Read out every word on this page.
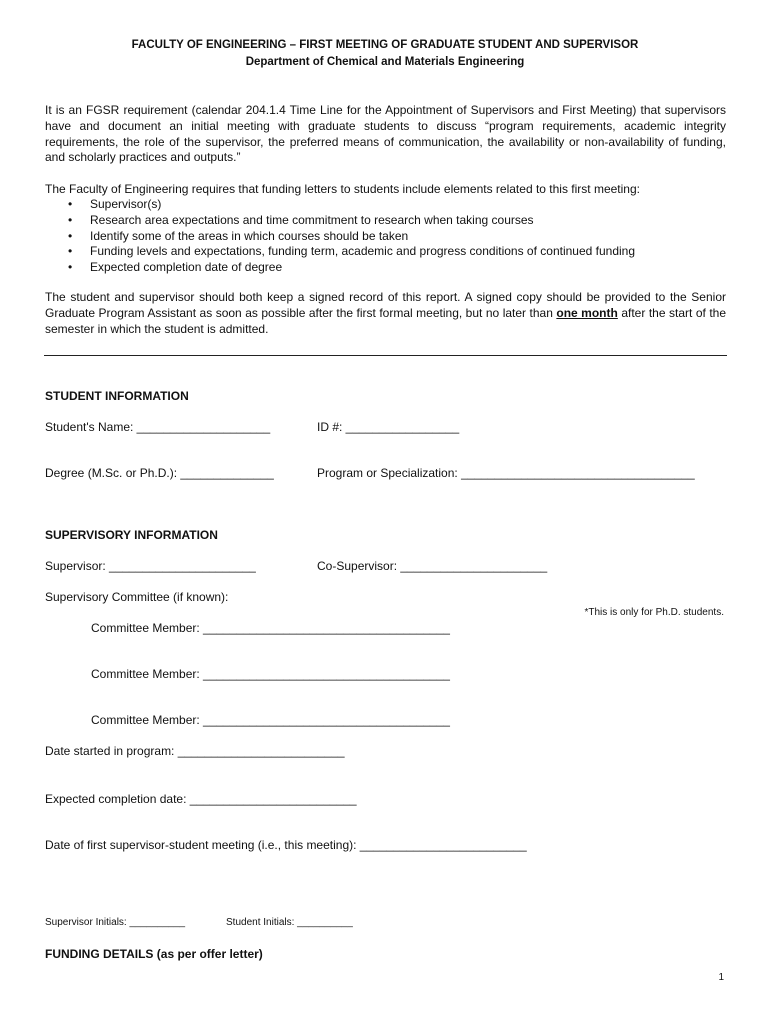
FACULTY OF ENGINEERING – FIRST MEETING OF GRADUATE STUDENT AND SUPERVISOR
Department of Chemical and Materials Engineering
It is an FGSR requirement (calendar 204.1.4 Time Line for the Appointment of Supervisors and First Meeting) that supervisors have and document an initial meeting with graduate students to discuss “program requirements, academic integrity requirements, the role of the supervisor, the preferred means of communication, the availability or non-availability of funding, and scholarly practices and outputs.”
The Faculty of Engineering requires that funding letters to students include elements related to this first meeting:
• Supervisor(s)
• Research area expectations and time commitment to research when taking courses
• Identify some of the areas in which courses should be taken
• Funding levels and expectations, funding term, academic and progress conditions of continued funding
• Expected completion date of degree
The student and supervisor should both keep a signed record of this report. A signed copy should be provided to the Senior Graduate Program Assistant as soon as possible after the first formal meeting, but no later than one month after the start of the semester in which the student is admitted.
STUDENT INFORMATION
Student's Name: ____________________	ID #: _________________
Degree (M.Sc. or Ph.D.): ______________	Program or Specialization: ___________________________________
SUPERVISORY INFORMATION
Supervisor: ______________________	Co-Supervisor: ______________________
Supervisory Committee (if known):
*This is only for Ph.D. students.
Committee Member: _____________________________________
Committee Member: _____________________________________
Committee Member: _____________________________________
Date started in program: _________________________
Expected completion date: _________________________
Date of first supervisor-student meeting (i.e., this meeting): _________________________
Supervisor Initials: __________	Student Initials: __________
FUNDING DETAILS (as per offer letter)
1
